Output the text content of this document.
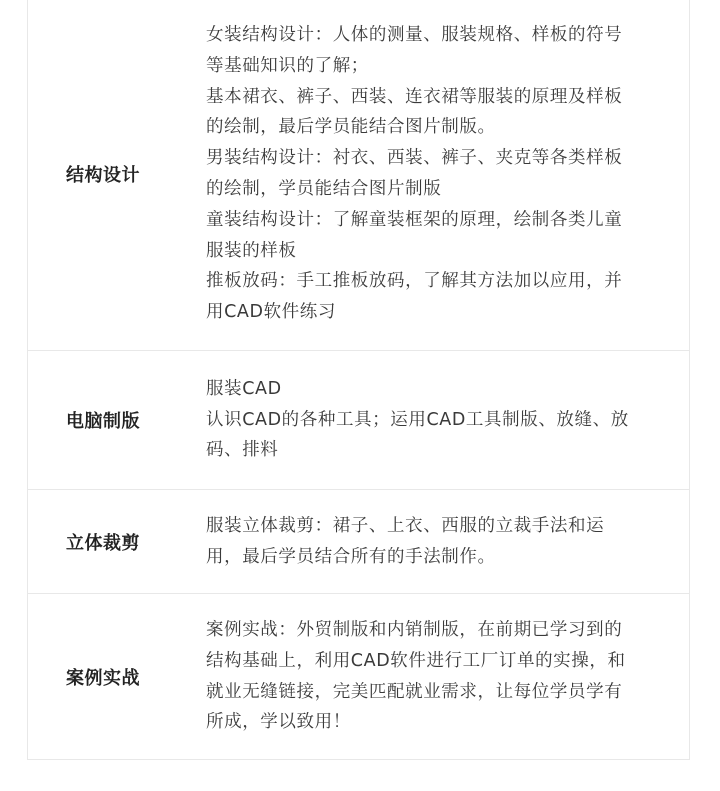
结构设计
女装结构设计：人体的测量、服装规格、样板的符号
等基础知识的了解；
基本裙衣、裤子、西装、连衣裙等服装的原理及样板
的绘制，最后学员能结合图片制版。
男装结构设计：衬衣、西装、裤子、夹克等各类样板
的绘制，学员能结合图片制版
童装结构设计：了解童装框架的原理，绘制各类儿童
服装的样板
推板放码：手工推板放码，了解其方法加以应用，并
用CAD软件练习
电脑制版
服装CAD
认识CAD的各种工具；运用CAD工具制版、放缝、放
码、排料
立体裁剪
服装立体裁剪：裙子、上衣、西服的立裁手法和运
用，最后学员结合所有的手法制作。
案例实战
案例实战：外贸制版和内销制版，在前期已学习到的
结构基础上，利用CAD软件进行工厂订单的实操，和
就业无缝链接，完美匹配就业需求，让每位学员学有
所成，学以致用！
